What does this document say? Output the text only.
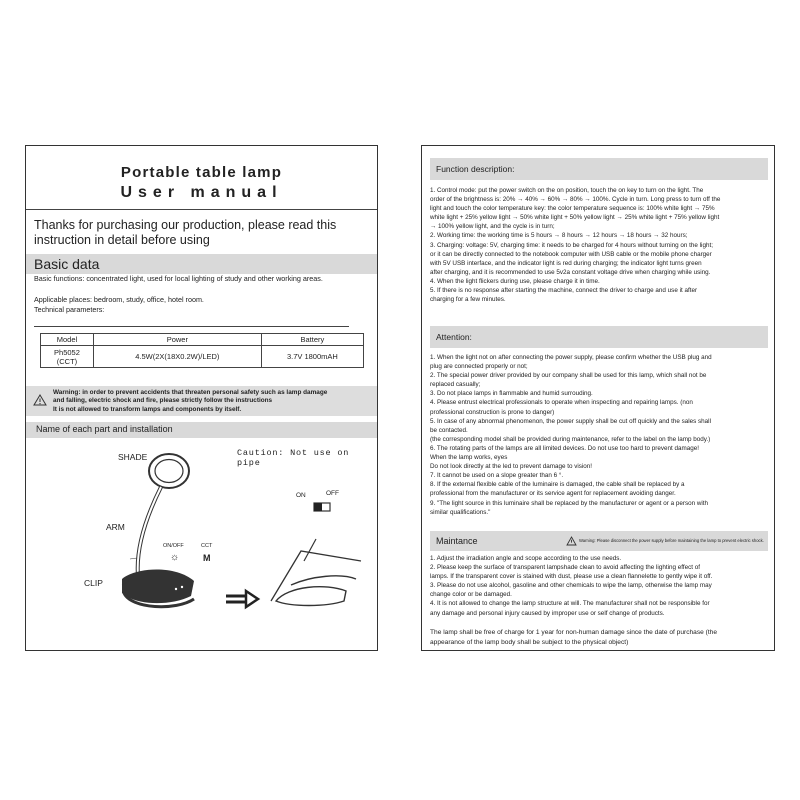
Portable table lamp
User manual
Thanks for purchasing our production, please read this instruction in detail before using
Basic data
Basic functions: concentrated light, used for local lighting of study and other working areas.
Applicable places: bedroom, study, office, hotel room.
Technical parameters:
Model	Power	Battery

Ph5052
(CCT)	4.5W(2X(18X0.2W)/LED)	3.7V 1800mAH
Warning: in order to prevent accidents that threaten personal safety such as lamp damage
and falling, electric shock and fire, please strictly follow the instructions
It is not allowed to transform lamps and components by itself.
Name of each part and installation
SHADE
ARM
CLIP
ON/OFF	CCT
☼	M
Caution: Not use on pipe
ON	OFF
Function description:
1. Control mode: put the power switch on the on position, touch the on key to turn on the light. The
order of the brightness is: 20% → 40% → 60% → 80% → 100%. Cycle in turn. Long press to turn off the
light and touch the color temperature key: the color temperature sequence is: 100% white light → 75%
white light + 25% yellow light → 50% white light + 50% yellow light → 25% white light + 75% yellow light
→ 100% yellow light, and the cycle is in turn;
2. Working time: the working time is 5 hours → 8 hours → 12 hours → 18 hours → 32 hours;
3. Charging: voltage: 5V, charging time: it needs to be charged for 4 hours without turning on the light;
or it can be directly connected to the notebook computer with USB cable or the mobile phone charger
with 5V USB interface, and the indicator light is red during charging; the indicator light turns green
after charging, and it is recommended to use 5v2a constant voltage drive when charging while using.
4. When the light flickers during use, please charge it in time.
5. If there is no response after starting the machine, connect the driver to charge and use it after
charging for a few minutes.
Attention:
1. When the light not on after connecting the power supply, please confirm whether the USB plug and
plug are connected properly or not;
2. The special power driver provided by our company shall be used for this lamp, which shall not be
replaced casually;
3. Do not place lamps in flammable and humid surrouding.
4. Please entrust electrical professionals to operate when inspecting and repairing lamps. (non
professional construction is prone to danger)
5. In case of any abnormal phenomenon, the power supply shall be cut off quickly and the sales shall
be contacted.
(the corresponding model shall be provided during maintenance, refer to the label on the lamp body.)
6. The rotating parts of the lamps are all limited devices. Do not use too hard to prevent damage!
When the lamp works, eyes
Do not look directly at the led to prevent damage to vision!
7. It cannot be used on a slope greater than 6 °.
8. If the external flexible cable of the luminaire is damaged, the cable shall be replaced by a
professional from the manufacturer or its service agent for replacement avoiding danger.
9. "The light source in this luminaire shall be replaced by the manufacturer or agent or a person with
similar qualifications."
Maintance	Warning: Please disconnect the power supply before maintaining the lamp to prevent electric shock.
1. Adjust the irradiation angle and scope according to the use needs.
2. Please keep the surface of transparent lampshade clean to avoid affecting the lighting effect of
lamps. If the transparent cover is stained with dust, please use a clean flannelette to gently wipe it off.
3. Please do not use alcohol, gasoline and other chemicals to wipe the lamp, otherwise the lamp may
change color or be damaged.
4. It is not allowed to change the lamp structure at will. The manufacturer shall not be responsible for
any damage and personal injury caused by improper use or self change of products.
The lamp shall be free of charge for 1 year for non-human damage since the date of purchase (the
appearance of the lamp body shall be subject to the physical object)
